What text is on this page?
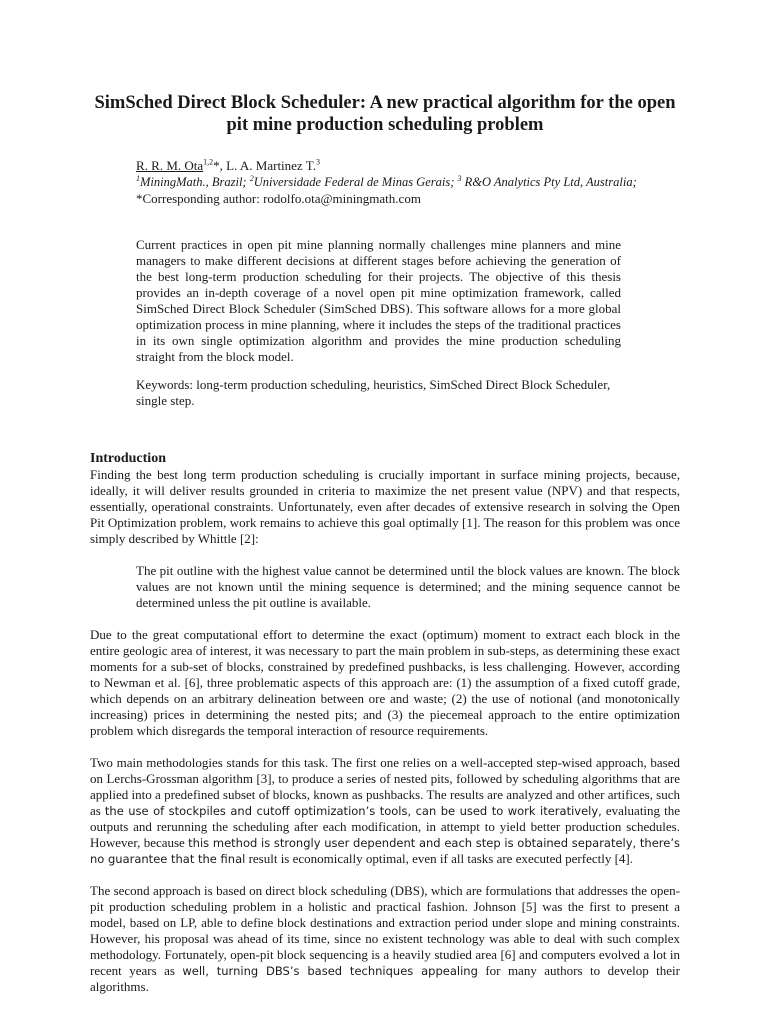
SimSched Direct Block Scheduler: A new practical algorithm for the open pit mine production scheduling problem
R. R. M. Ota$^{1,2}$*, L. A. Martinez T.$^3$
$^1$MiningMath., Brazil; $^2$Universidade Federal de Minas Gerais; $^3$ R&O Analytics Pty Ltd, Australia;
*Corresponding author: rodolfo.ota@miningmath.com
Current practices in open pit mine planning normally challenges mine planners and mine managers to make different decisions at different stages before achieving the generation of the best long-term production scheduling for their projects. The objective of this thesis provides an in-depth coverage of a novel open pit mine optimization framework, called SimSched Direct Block Scheduler (SimSched DBS). This software allows for a more global optimization process in mine planning, where it includes the steps of the traditional practices in its own single optimization algorithm and provides the mine production scheduling straight from the block model.
Keywords: long-term production scheduling, heuristics, SimSched Direct Block Scheduler, single step.
Introduction

Finding the best long term production scheduling is crucially important in surface mining projects, because, ideally, it will deliver results grounded in criteria to maximize the net present value (NPV) and that respects, essentially, operational constraints. Unfortunately, even after decades of extensive research in solving the Open Pit Optimization problem, work remains to achieve this goal optimally [1]. The reason for this problem was once simply described by Whittle [2]:

The pit outline with the highest value cannot be determined until the block values are known. The block values are not known until the mining sequence is determined; and the mining sequence cannot be determined unless the pit outline is available.

Due to the great computational effort to determine the exact (optimum) moment to extract each block in the entire geologic area of interest, it was necessary to part the main problem in sub-steps, as determining these exact moments for a sub-set of blocks, constrained by predefined pushbacks, is less challenging. However, according to Newman et al. [6], three problematic aspects of this approach are: (1) the assumption of a fixed cutoff grade, which depends on an arbitrary delineation between ore and waste; (2) the use of notional (and monotonically increasing) prices in determining the nested pits; and (3) the piecemeal approach to the entire optimization problem which disregards the temporal interaction of resource requirements.

Two main methodologies stands for this task. The first one relies on a well-accepted step-wised approach, based on Lerchs-Grossman algorithm [3], to produce a series of nested pits, followed by scheduling algorithms that are applied into a predefined subset of blocks, known as pushbacks. The results are analyzed and other artifices, such as the use of stockpiles and cutoff optimization’s tools, can be used to work iteratively, evaluating the outputs and rerunning the scheduling after each modification, in attempt to yield better production schedules. However, because this method is strongly user dependent and each step is obtained separately, there’s no guarantee that the final result is economically optimal, even if all tasks are executed perfectly [4].

The second approach is based on direct block scheduling (DBS), which are formulations that addresses the open-pit production scheduling problem in a holistic and practical fashion. Johnson [5] was the first to present a model, based on LP, able to define block destinations and extraction period under slope and mining constraints. However, his proposal was ahead of its time, since no existent technology was able to deal with such complex methodology. Fortunately, open-pit block sequencing is a heavily studied area [6] and computers evolved a lot in recent years as well, turning DBS’s based techniques appealing for many authors to develop their algorithms.
